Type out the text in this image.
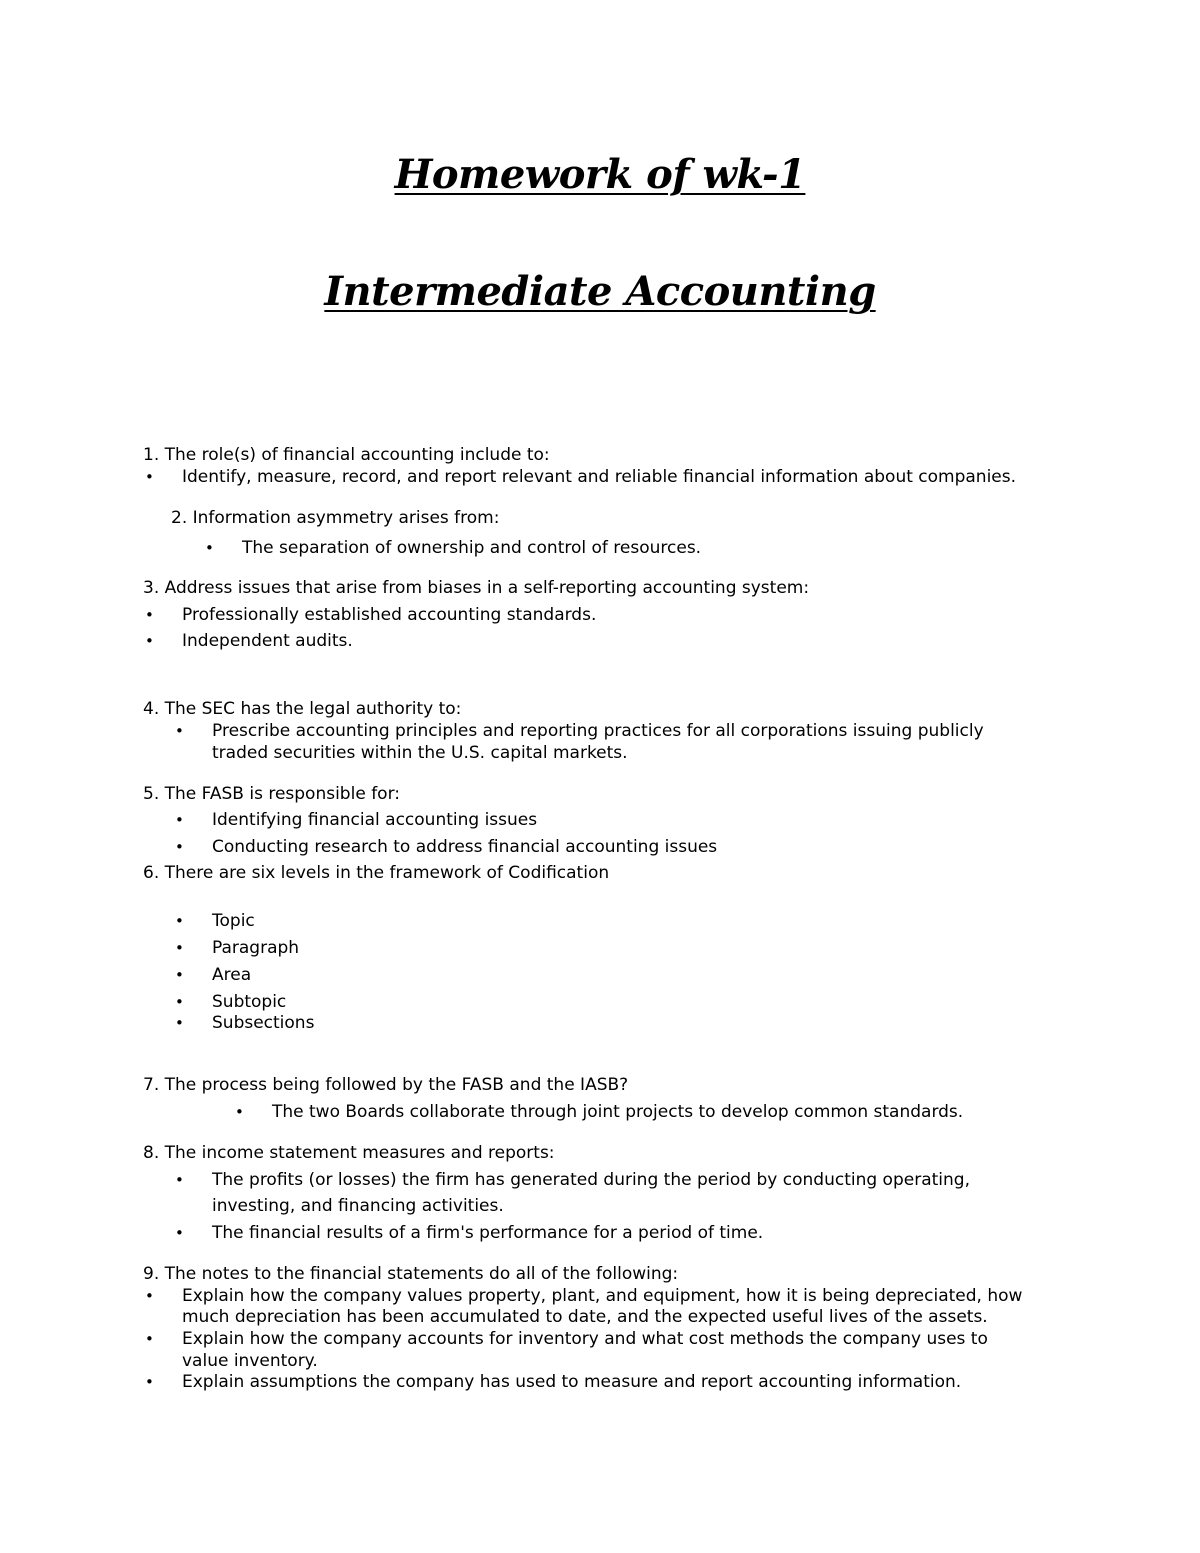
Homework of wk-1
Intermediate Accounting

1. The role(s) of financial accounting include to:

• Identify, measure, record, and report relevant and reliable financial information about companies.

2. Information asymmetry arises from:

• The separation of ownership and control of resources.

3. Address issues that arise from biases in a self-reporting accounting system:

• Professionally established accounting standards.

• Independent audits.

4. The SEC has the legal authority to:

• Prescribe accounting principles and reporting practices for all corporations issuing publicly

traded securities within the U.S. capital markets.

5. The FASB is responsible for:

• Identifying financial accounting issues

• Conducting research to address financial accounting issues

6. There are six levels in the framework of Codification

• Topic

• Paragraph

• Area

• Subtopic

• Subsections

7. The process being followed by the FASB and the IASB?

• The two Boards collaborate through joint projects to develop common standards.

8. The income statement measures and reports:

• The profits (or losses) the firm has generated during the period by conducting operating,

investing, and financing activities.

• The financial results of a firm's performance for a period of time.

9. The notes to the financial statements do all of the following:

• Explain how the company values property, plant, and equipment, how it is being depreciated, how

much depreciation has been accumulated to date, and the expected useful lives of the assets.

• Explain how the company accounts for inventory and what cost methods the company uses to

value inventory.

• Explain assumptions the company has used to measure and report accounting information.
